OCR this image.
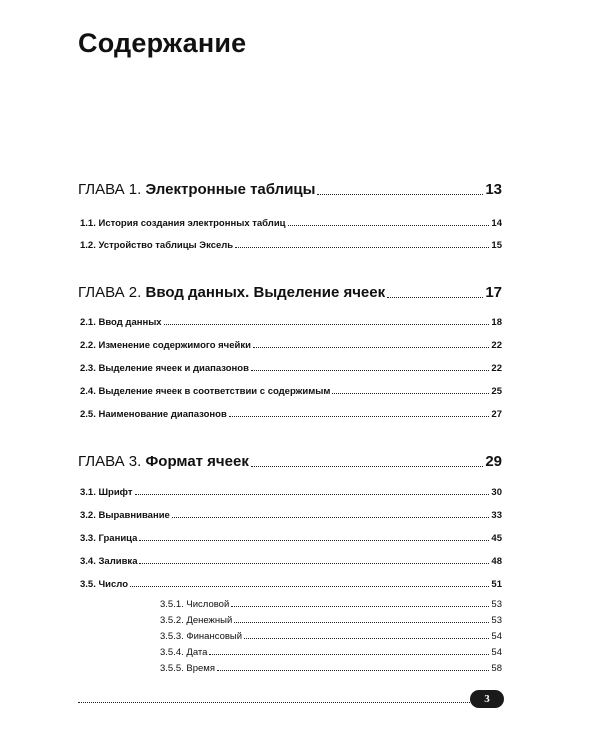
Содержание
ГЛАВА 1. Электронные таблицы	13
1.1. История создания электронных таблиц	14
1.2. Устройство таблицы Эксель	15
ГЛАВА 2. Ввод данных. Выделение ячеек	17
2.1. Ввод данных	18
2.2. Изменение содержимого ячейки	22
2.3. Выделение ячеек и диапазонов	22
2.4. Выделение ячеек в соответствии с содержимым	25
2.5. Наименование диапазонов	27
ГЛАВА 3. Формат ячеек	29
3.1. Шрифт	30
3.2. Выравнивание	33
3.3. Граница	45
3.4. Заливка	48
3.5. Число	51
3.5.1. Числовой	53
3.5.2. Денежный	53
3.5.3. Финансовый	54
3.5.4. Дата	54
3.5.5. Время	58
3
